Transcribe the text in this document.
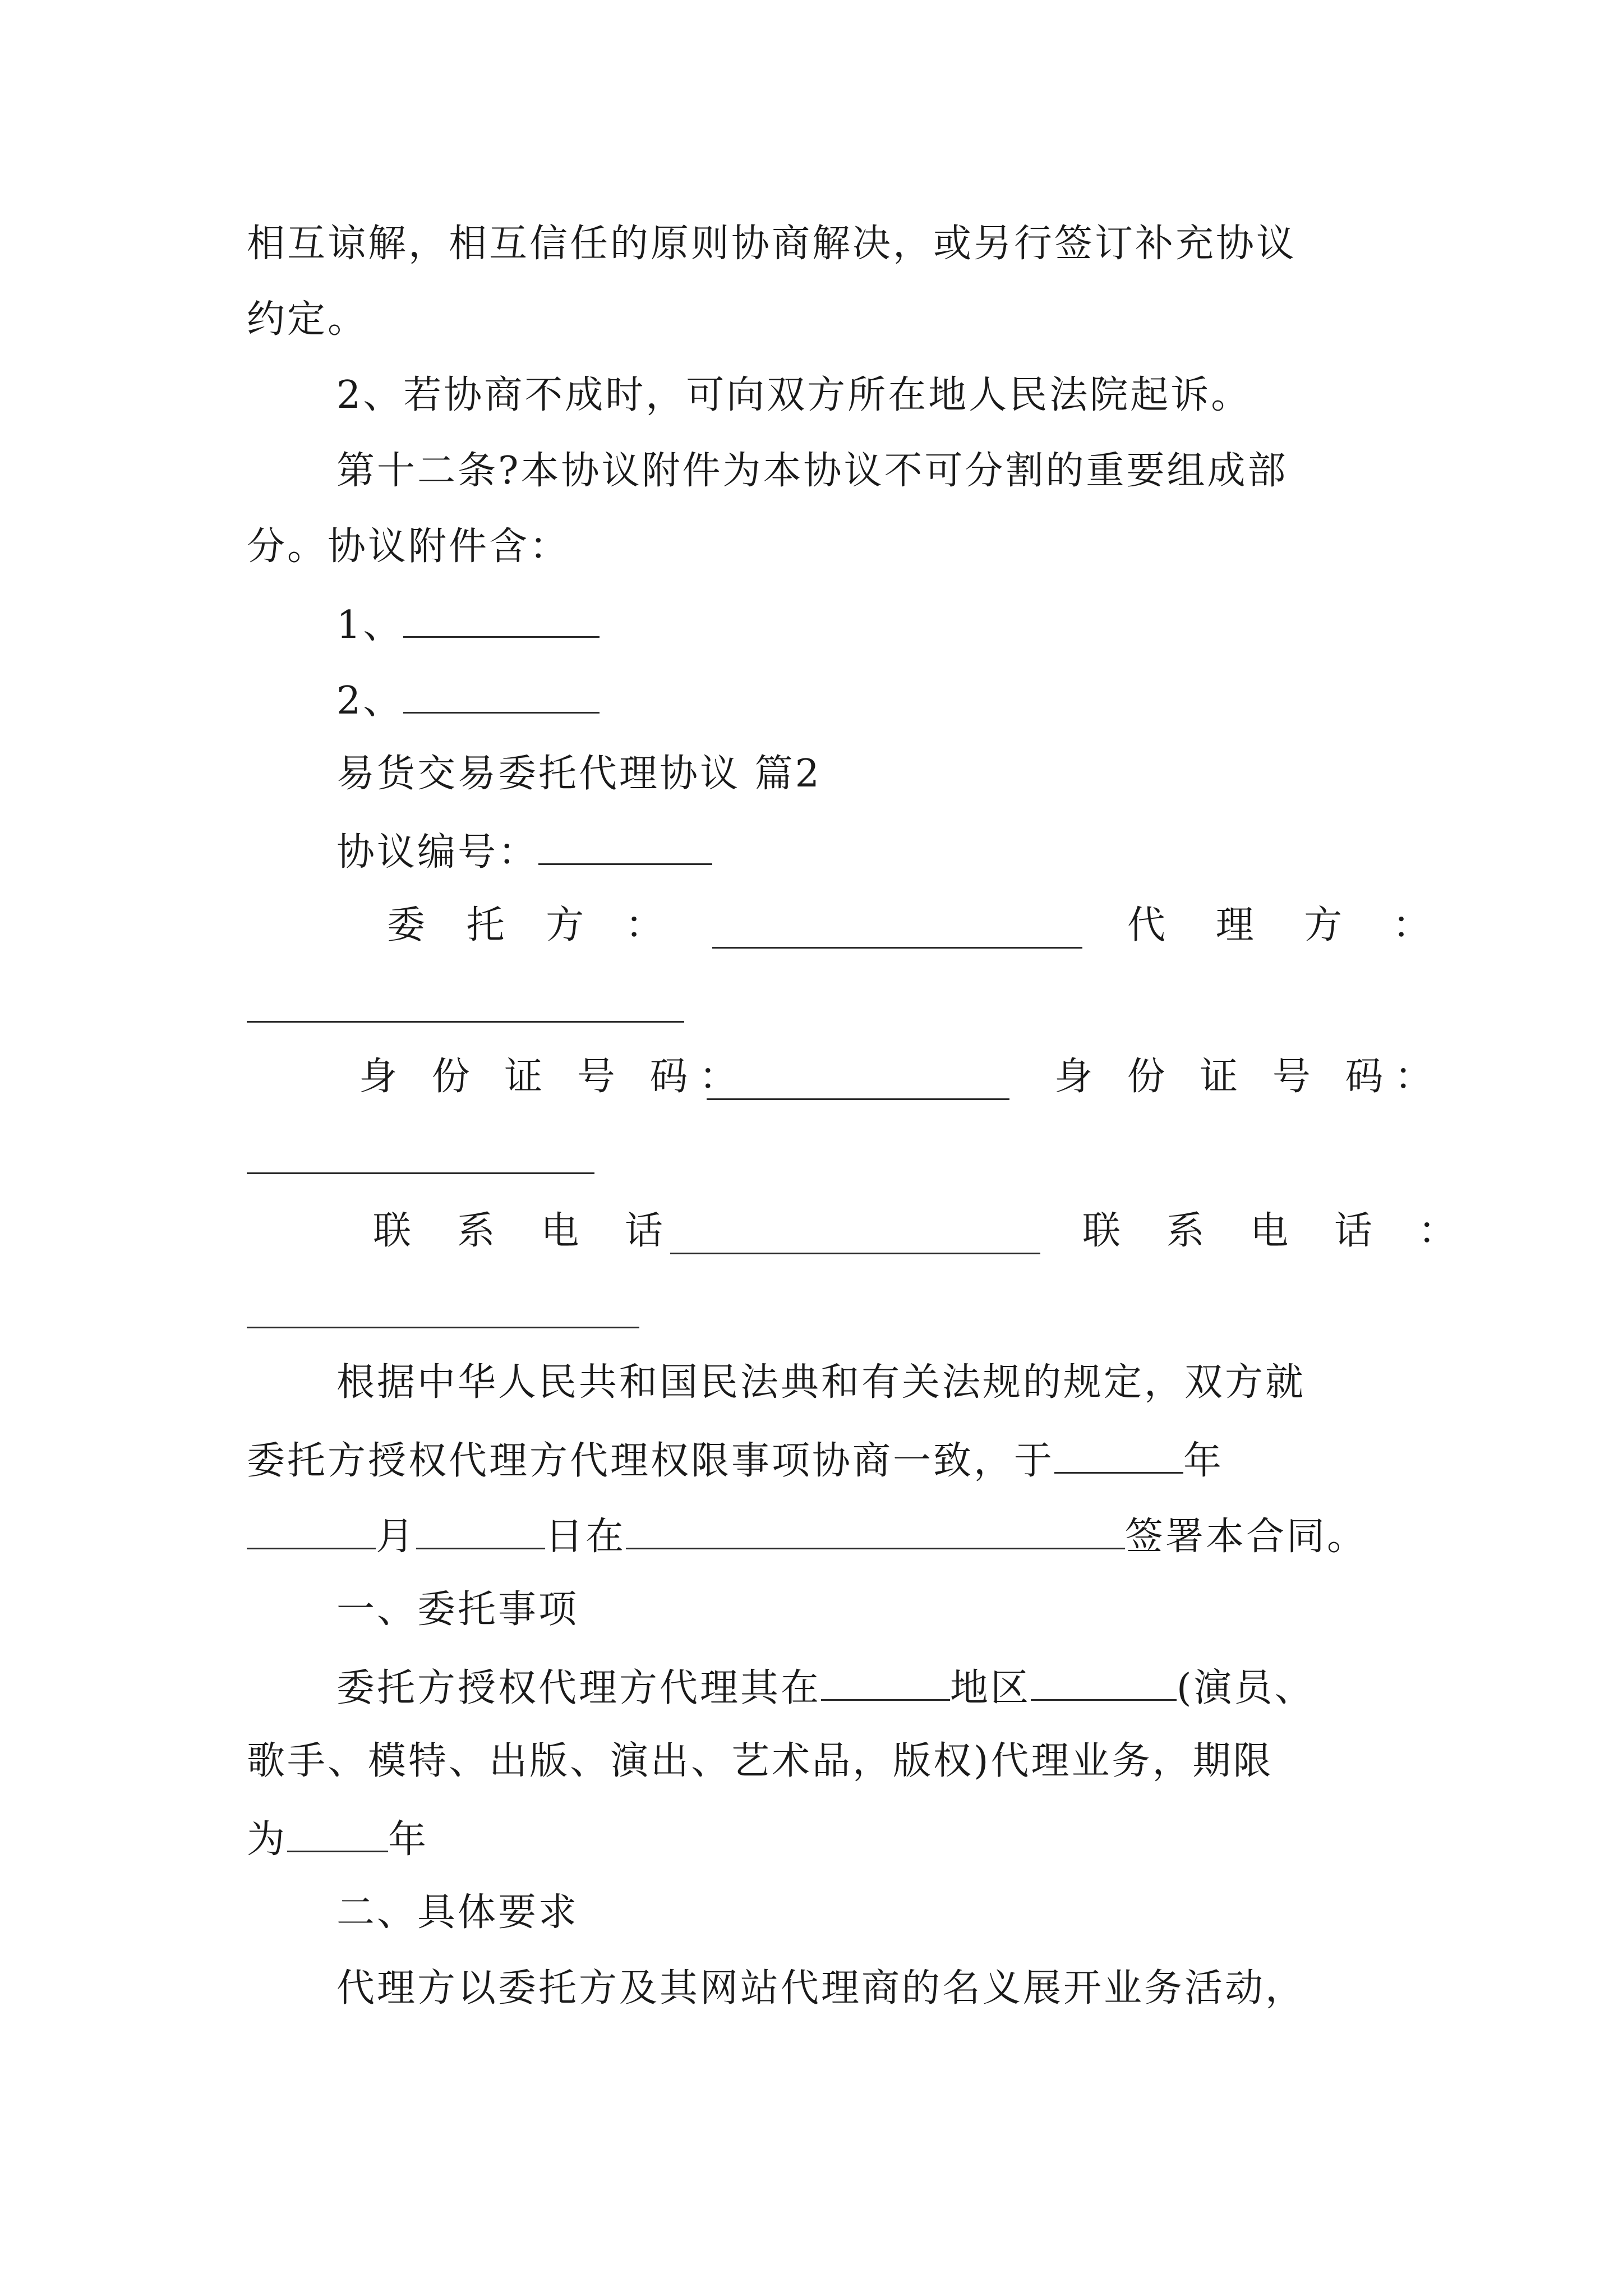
相互谅解，相互信任的原则协商解决，或另行签订补充协议
约定。
2、若协商不成时，可向双方所在地人民法院起诉。
第十二条?本协议附件为本协议不可分割的重要组成部
分。协议附件含：
1、
2、
易货交易委托代理协议 篇2
协议编号：
委 托 方 ：	代 理 方 ：
身 份 证 号 码：	身 份 证 号 码：
联 系 电 话	联 系 电 话 ：
根据中华人民共和国民法典和有关法规的规定，双方就
委托方授权代理方代理权限事项协商一致，于	年
月	日在	签署本合同。
一、委托事项
委托方授权代理方代理其在	地区	(演员、
歌手、模特、出版、演出、艺术品，版权)代理业务，期限
为	年
二、具体要求
代理方以委托方及其网站代理商的名义展开业务活动，
